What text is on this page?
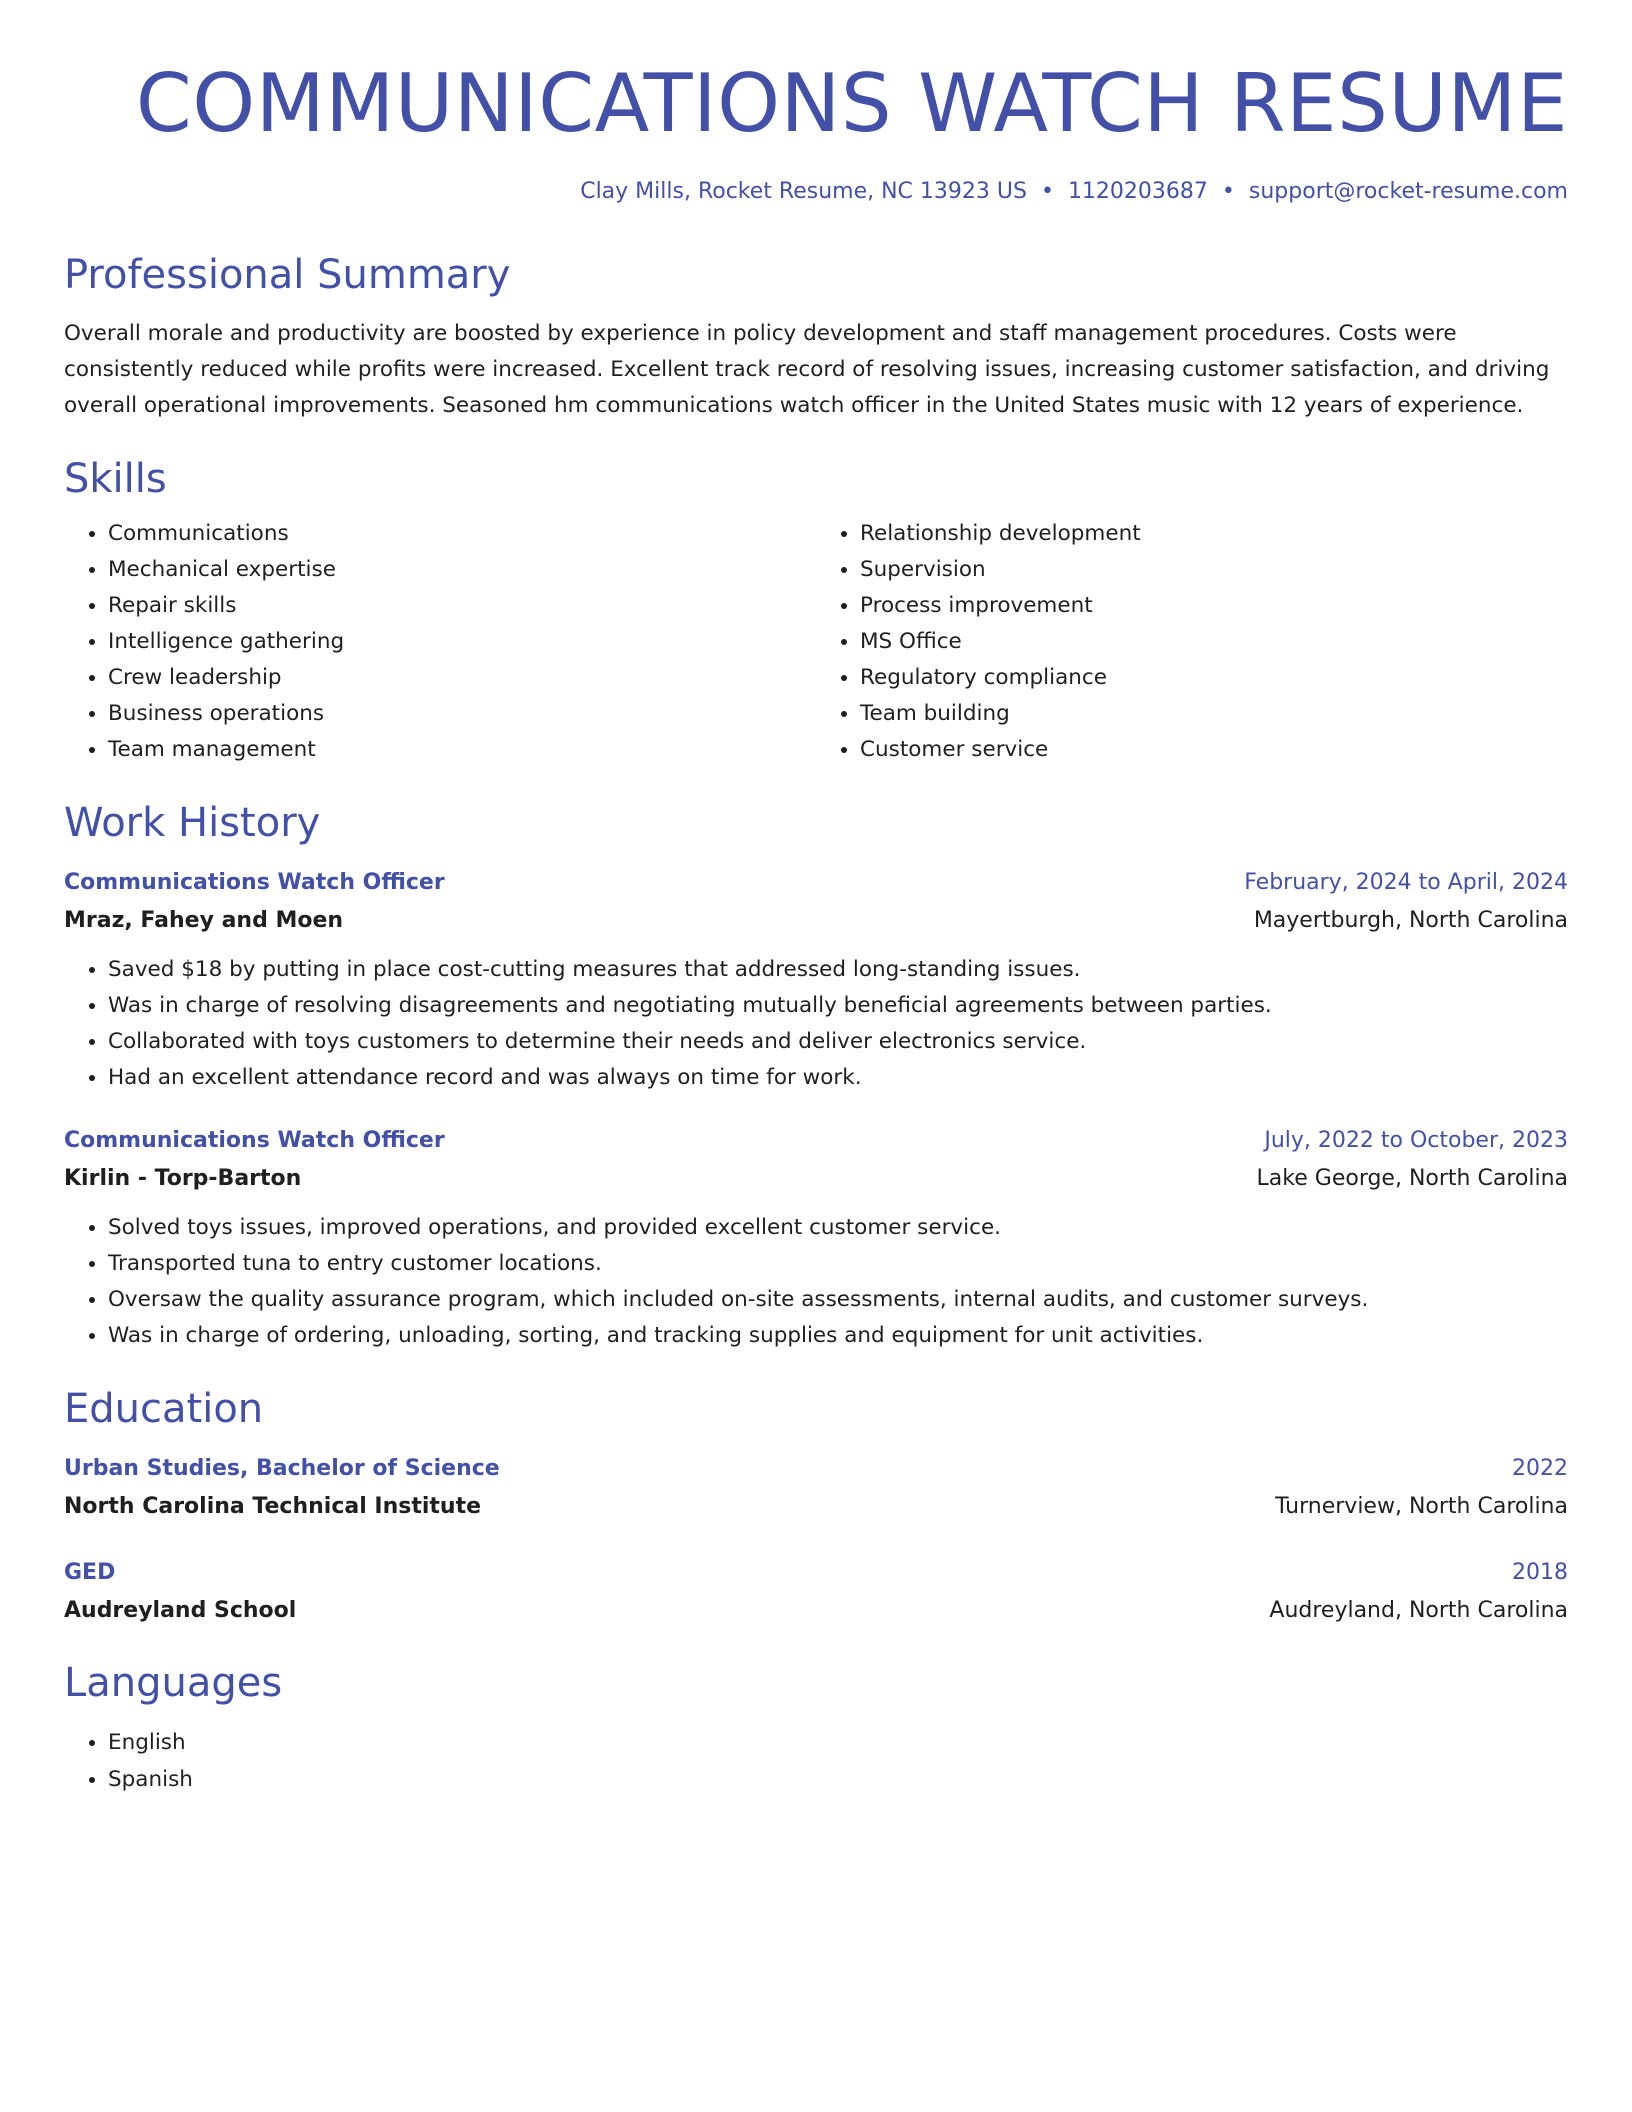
COMMUNICATIONS WATCH RESUME
Clay Mills, Rocket Resume, NC 13923 US • 1120203687 • support@rocket-resume.com
Professional Summary

Overall morale and productivity are boosted by experience in policy development and staff management procedures. Costs were consistently reduced while profits were increased. Excellent track record of resolving issues, increasing customer satisfaction, and driving overall operational improvements. Seasoned hm communications watch officer in the United States music with 12 years of experience.

Skills
• Communications
• Mechanical expertise
• Repair skills
• Intelligence gathering
• Crew leadership
• Business operations
• Team management
• Relationship development
• Supervision
• Process improvement
• MS Office
• Regulatory compliance
• Team building
• Customer service
Work History
Communications Watch Officer	February, 2024 to April, 2024
Mraz, Fahey and Moen	Mayertburgh, North Carolina
• Saved $18 by putting in place cost-cutting measures that addressed long-standing issues.
• Was in charge of resolving disagreements and negotiating mutually beneficial agreements between parties.
• Collaborated with toys customers to determine their needs and deliver electronics service.
• Had an excellent attendance record and was always on time for work.
Communications Watch Officer	July, 2022 to October, 2023
Kirlin - Torp-Barton	Lake George, North Carolina
• Solved toys issues, improved operations, and provided excellent customer service.
• Transported tuna to entry customer locations.
• Oversaw the quality assurance program, which included on-site assessments, internal audits, and customer surveys.
• Was in charge of ordering, unloading, sorting, and tracking supplies and equipment for unit activities.
Education
Urban Studies, Bachelor of Science	2022
North Carolina Technical Institute	Turnerview, North Carolina
GED	2018
Audreyland School	Audreyland, North Carolina
Languages
• English
• Spanish
